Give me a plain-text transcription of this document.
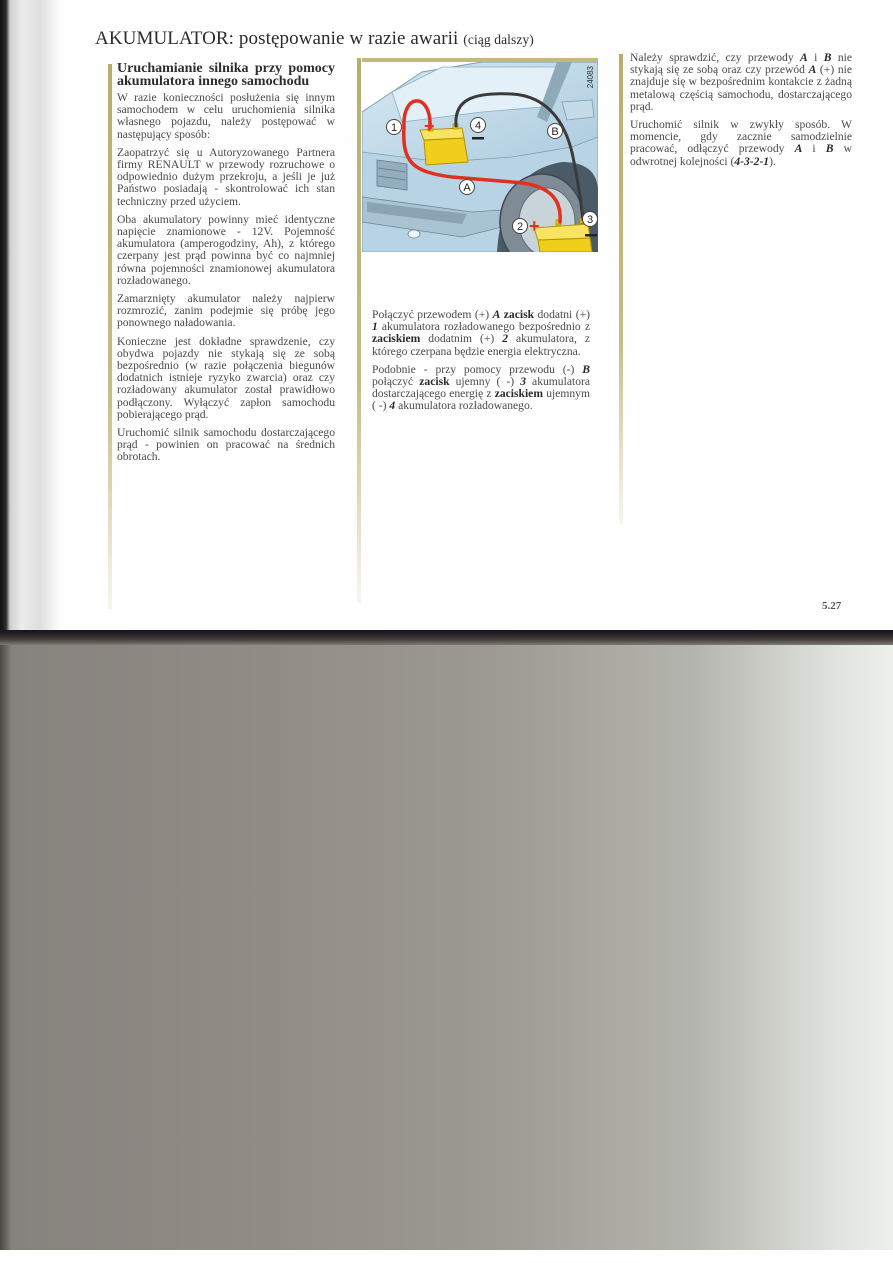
AKUMULATOR: postępowanie w razie awarii (ciąg dalszy)
Uruchamianie silnika przy pomocy akumulatora innego samochodu

W razie konieczności posłużenia się innym samochodem w celu uruchomienia silnika własnego pojazdu, należy postępować w następujący sposób:

Zaopatrzyć się u Autoryzowanego Partnera firmy RENAULT w przewody rozruchowe o odpowiednio dużym przekroju, a jeśli je już Państwo posiadają - skontrolować ich stan techniczny przed użyciem.

Oba akumulatory powinny mieć identyczne napięcie znamionowe - 12V. Pojemność akumulatora (amperogodziny, Ah), z którego czerpany jest prąd powinna być co najmniej równa pojemności znamionowej akumulatora rozładowanego.

Zamarznięty akumulator należy najpierw rozmrozić, zanim podejmie się próbę jego ponownego naładowania.

Konieczne jest dokładne sprawdzenie, czy obydwa pojazdy nie stykają się ze sobą bezpośrednio (w razie połączenia biegunów dodatnich istnieje ryzyko zwarcia) oraz czy rozładowany akumulator został prawidłowo podłączony. Wyłączyć zapłon samochodu pobierającego prąd.

Uruchomić silnik samochodu dostarczającego prąd - powinien on pracować na średnich obrotach.

1 +	4	B
A
2 +	3
24083

Połączyć przewodem (+) A zacisk dodatni (+) 1 akumulatora rozładowanego bezpośrednio z zaciskiem dodatnim (+) 2 akumulatora, z którego czerpana będzie energia elektryczna.

Podobnie - przy pomocy przewodu (-) B połączyć zacisk ujemny ( -) 3 akumulatora dostarczającego energię z zaciskiem ujemnym ( -) 4 akumulatora rozładowanego.

Należy sprawdzić, czy przewody A i B nie stykają się ze sobą oraz czy przewód A (+) nie znajduje się w bezpośrednim kontakcie z żadną metalową częścią samochodu, dostarczającego prąd.

Uruchomić silnik w zwykły sposób. W momencie, gdy zacznie samodzielnie pracować, odłączyć przewody A i B w odwrotnej kolejności (4-3-2-1).

5.27
